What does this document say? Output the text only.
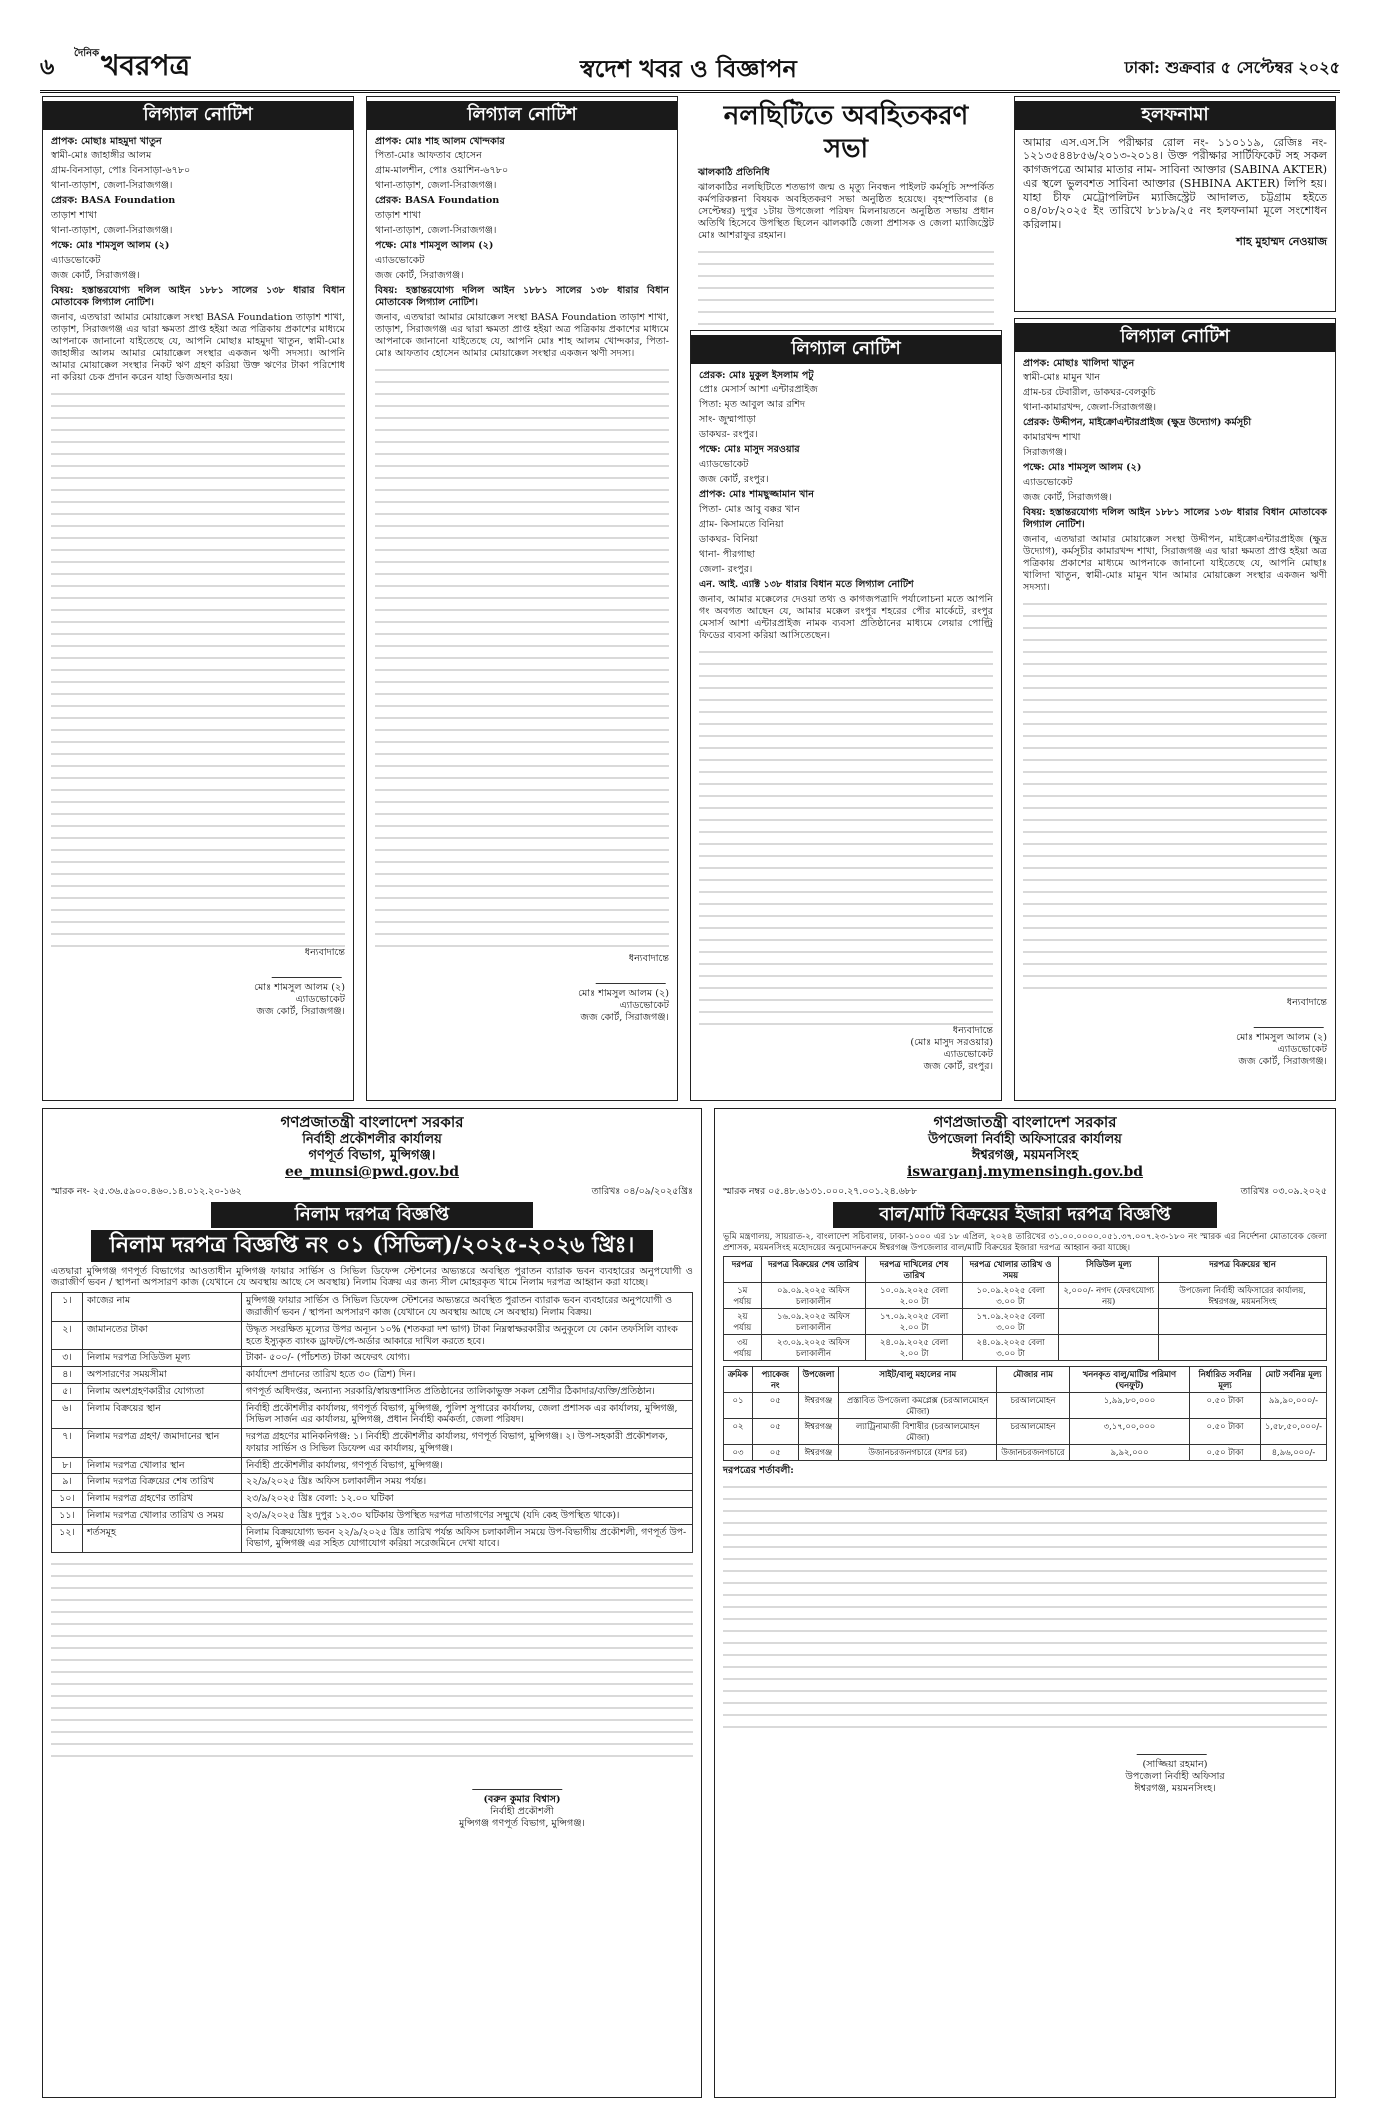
৬
$^{দৈনিক}$খবরপত্র	স্বদেশ খবর ও বিজ্ঞাপন	ঢাকা: শুক্রবার ৫ সেপ্টেম্বর ২০২৫
লিগ্যাল নোটিশ
প্রাপক: মোছাঃ মাহমুদা খাতুন
স্বামী-মোঃ জাহাঙ্গীর আলম
গ্রাম-বিনসাড়া, পোঃ বিনসাড়া-৬৭৮০
থানা-তাড়াশ, জেলা-সিরাজগঞ্জ।
প্রেরক: BASA Foundation
তাড়াশ শাখা
থানা-তাড়াশ, জেলা-সিরাজগঞ্জ।
পক্ষে: মোঃ শামসুল আলম (২)
এ্যাডভোকেট
জজ কোর্ট, সিরাজগঞ্জ।
বিষয়: হস্তান্তরযোগ্য দলিল আইন ১৮৮১ সালের ১৩৮ ধারার বিধান মোতাবেক লিগ্যাল নোটিশ।
জনাব, এতদ্বারা আমার মোয়াক্কেল সংস্থা BASA Foundation তাড়াশ শাখা, তাড়াশ, সিরাজগঞ্জ এর দ্বারা ক্ষমতা প্রাপ্ত হইয়া অত্র পত্রিকায় প্রকাশের মাধ্যমে আপনাকে জানানো যাইতেছে যে, আপনি মোছাঃ মাহমুদা খাতুন, স্বামী-মোঃ জাহাঙ্গীর আলম আমার মোয়াক্কেল সংস্থার একজন ঋণী সদস্যা। আপনি আমার মোয়াক্কেল সংস্থার নিকট ঋণ গ্রহণ করিয়া উক্ত ঋণের টাকা পরিশোধ না করিয়া চেক প্রদান করেন যাহা ডিজঅনার হয়।
ধন্যবাদান্তে
মোঃ শামসুল আলম (২)
এ্যাডভোকেট
জজ কোর্ট, সিরাজগঞ্জ।
লিগ্যাল নোটিশ
প্রাপক: মোঃ শাহ আলম খোন্দকার
পিতা-মোঃ আফতাব হোসেন
গ্রাম-মালশীন, পোঃ ওয়াশিন-৬৭৮০
থানা-তাড়াশ, জেলা-সিরাজগঞ্জ।
প্রেরক: BASA Foundation
তাড়াশ শাখা
থানা-তাড়াশ, জেলা-সিরাজগঞ্জ।
পক্ষে: মোঃ শামসুল আলম (২)
এ্যাডভোকেট
জজ কোর্ট, সিরাজগঞ্জ।
বিষয়: হস্তান্তরযোগ্য দলিল আইন ১৮৮১ সালের ১৩৮ ধারার বিধান মোতাবেক লিগ্যাল নোটিশ।
জনাব, এতদ্বারা আমার মোয়াক্কেল সংস্থা BASA Foundation তাড়াশ শাখা, তাড়াশ, সিরাজগঞ্জ এর দ্বারা ক্ষমতা প্রাপ্ত হইয়া অত্র পত্রিকায় প্রকাশের মাধ্যমে আপনাকে জানানো যাইতেছে যে, আপনি মোঃ শাহ আলম খোন্দকার, পিতা-মোঃ আফতাব হোসেন আমার মোয়াক্কেল সংস্থার একজন ঋণী সদস্য।
ধন্যবাদান্তে
মোঃ শামসুল আলম (২)
এ্যাডভোকেট
জজ কোর্ট, সিরাজগঞ্জ।
নলছিটিতে অবহিতকরণ সভা
ঝালকাঠি প্রতিনিধি
ঝালকাঠির নলছিটিতে শতভাগ জন্ম ও মৃত্যু নিবন্ধন পাইলট কর্মসূচি সম্পর্কিত কর্মপরিকল্পনা বিষয়ক অবহিতকরণ সভা অনুষ্ঠিত হয়েছে। বৃহস্পতিবার (৪ সেপ্টেম্বর) দুপুর ১টায় উপজেলা পরিষদ মিলনায়তনে অনুষ্ঠিত সভায় প্রধান অতিথি হিসেবে উপস্থিত ছিলেন ঝালকাঠি জেলা প্রশাসক ও জেলা ম্যাজিস্ট্রেট মোঃ আশরাফুর রহমান।
লিগ্যাল নোটিশ
প্রেরক: মোঃ মুকুল ইসলাম পটু
প্রোঃ মেসার্স আশা এন্টারপ্রাইজ
পিতা: মৃত আবুল আর রশিদ
সাং- জুম্মাপাড়া
ডাকঘর- রংপুর।
পক্ষে: মোঃ মাসুদ সরওয়ার
এ্যাডভোকেট
জজ কোর্ট, রংপুর।
প্রাপক: মোঃ শামছুজ্জামান খান
পিতা- মোঃ আবু বক্কর খান
গ্রাম- কিসামতে বিনিয়া
ডাকঘর- বিনিয়া
থানা- পীরগাছা
জেলা- রংপুর।
এন. আই. এ্যাক্ট ১৩৮ ধারার বিধান মতে লিগ্যাল নোটিশ
জনাব, আমার মক্কেলের দেওয়া তথ্য ও কাগজপত্রাদি পর্যালোচনা মতে আপনি গং অবগত আছেন যে, আমার মক্কেল রংপুর শহরের পৌর মার্কেটে, রংপুর মেসার্স আশা এন্টারপ্রাইজ নামক ব্যবসা প্রতিষ্ঠানের মাধ্যমে লেয়ার পোল্ট্রি ফিডের ব্যবসা করিয়া আসিতেছেন।
ধন্যবাদান্তে
(মোঃ মাসুদ সরওয়ার)
এ্যাডভোকেট
জজ কোর্ট, রংপুর।
হলফনামা
আমার এস.এস.সি পরীক্ষার রোল নং- ১১০১১৯, রেজিঃ নং- ১২১৩৫৪৪৮৫৬/২০১৩-২০১৪। উক্ত পরীক্ষার সার্টিফিকেট সহ সকল কাগজপত্রে আমার মাতার নাম- সাবিনা আক্তার (SABINA AKTER) এর স্থলে ভুলবশত সাবিনা আক্তার (SHBINA AKTER) লিপি হয়। যাহা চীফ মেট্রোপলিটন ম্যাজিস্ট্রেট আদালত, চট্টগ্রাম হইতে ০৪/০৮/২০২৫ ইং তারিখে ৮১৮৯/২৫ নং হলফনামা মূলে সংশোধন করিলাম।
শাহ মুহাম্মদ নেওয়াজ
লিগ্যাল নোটিশ
প্রাপক: মোছাঃ খালিদা খাতুন
স্বামী-মোঃ মামুন খান
গ্রাম-চর টেবারীল, ডাকঘর-বেলকুচি
থানা-কামারখন্দ, জেলা-সিরাজগঞ্জ।
প্রেরক: উদ্দীপন, মাইক্রোএন্টারপ্রাইজ (ক্ষুদ্র উদ্যোগ) কর্মসূচী
কামারখন্দ শাখা
সিরাজগঞ্জ।
পক্ষে: মোঃ শামসুল আলম (২)
এ্যাডভোকেট
জজ কোর্ট, সিরাজগঞ্জ।
বিষয়: হস্তান্তরযোগ্য দলিল আইন ১৮৮১ সালের ১৩৮ ধারার বিধান মোতাবেক লিগ্যাল নোটিশ।
জনাব, এতদ্বারা আমার মোয়াক্কেল সংস্থা উদ্দীপন, মাইক্রোএন্টারপ্রাইজ (ক্ষুদ্র উদ্যোগ), কর্মসূচীর কামারখন্দ শাখা, সিরাজগঞ্জ এর দ্বারা ক্ষমতা প্রাপ্ত হইয়া অত্র পত্রিকায় প্রকাশের মাধ্যমে আপনাকে জানানো যাইতেছে যে, আপনি মোছাঃ খালিদা খাতুন, স্বামী-মোঃ মামুন খান আমার মোয়াক্কেল সংস্থার একজন ঋণী সদস্যা।
ধন্যবাদান্তে
মোঃ শামসুল আলম (২)
এ্যাডভোকেট
জজ কোর্ট, সিরাজগঞ্জ।
গণপ্রজাতন্ত্রী বাংলাদেশ সরকার
নির্বাহী প্রকৌশলীর কার্যালয়
গণপূর্ত বিভাগ, মুন্সিগঞ্জ।
ee_munsi@pwd.gov.bd
স্মারক নং- ২৫.৩৬.৫৯০০.৪৬০.১৪.০১২.২০-১৬২	তারিখঃ ০৪/০৯/২০২৫খ্রিঃ
নিলাম দরপত্র বিজ্ঞপ্তি
নিলাম দরপত্র বিজ্ঞপ্তি নং ০১ (সিভিল)/২০২৫-২০২৬ খ্রিঃ।
এতদ্বারা মুন্সিগঞ্জ গণপূর্ত বিভাগের আওতাধীন মুন্সিগঞ্জ ফায়ার সার্ভিস ও সিভিল ডিফেন্স স্টেশনের অভ্যন্তরে অবস্থিত পুরাতন ব্যারাক ভবন ব্যবহারের অনুপযোগী ও জরাজীর্ণ ভবন / স্থাপনা অপসারণ কাজ (যেখানে যে অবস্থায় আছে সে অবস্থায়) নিলাম বিক্রয় এর জন্য সীল মোহরকৃত খামে নিলাম দরপত্র আহ্বান করা যাচ্ছে।
১।	কাজের নাম	মুন্সিগঞ্জ ফায়ার সার্ভিস ও সিভিল ডিফেন্স স্টেশনের অভ্যন্তরে অবস্থিত পুরাতন ব্যারাক ভবন ব্যবহারের অনুপযোগী ও জরাজীর্ণ ভবন / স্থাপনা অপসারণ কাজ (যেখানে যে অবস্থায় আছে সে অবস্থায়) নিলাম বিক্রয়।
২।	জামানতের টাকা	উদ্ধৃত সংরক্ষিত মূল্যের উপর অন্যূন ১০% (শতকরা দশ ভাগ) টাকা নিম্নস্বাক্ষরকারীর অনুকূলে যে কোন তফসিলি ব্যাংক হতে ইস্যুকৃত ব্যাংক ড্রাফট/পে-অর্ডার আকারে দাখিল করতে হবে।
৩।	নিলাম দরপত্র সিডিউল মূল্য	টাকা- ৫০০/- (পাঁচশত) টাকা অফেরৎ যোগ্য।
৪।	অপসারণের সময়সীমা	কার্যাদেশ প্রদানের তারিখ হতে ৩০ (ত্রিশ) দিন।
৫।	নিলাম অংশগ্রহণকারীর যোগ্যতা	গণপূর্ত অধিদপ্তর, অন্যান্য সরকারি/স্বায়ত্তশাসিত প্রতিষ্ঠানের তালিকাভুক্ত সকল শ্রেণীর ঠিকাদার/ব্যক্তি/প্রতিষ্ঠান।
৬।	নিলাম বিক্রয়ের স্থান	নির্বাহী প্রকৌশলীর কার্যালয়, গণপূর্ত বিভাগ, মুন্সিগঞ্জ, পুলিশ সুপারের কার্যালয়, জেলা প্রশাসক এর কার্যালয়, মুন্সিগঞ্জ, সিভিল সার্জন এর কার্যালয়, মুন্সিগঞ্জ, প্রধান নির্বাহী কর্মকর্তা, জেলা পরিষদ।
৭।	নিলাম দরপত্র গ্রহণ/ জমাদানের স্থান	দরপত্র গ্রহণের মানিকনিগঞ্জ: ১। নির্বাহী প্রকৌশলীর কার্যালয়, গণপূর্ত বিভাগ, মুন্সিগঞ্জ। ২। উপ-সহকারী প্রকৌশলক, ফায়ার সার্ভিস ও সিভিল ডিফেন্স এর কার্যালয়, মুন্সিগঞ্জ।
৮।	নিলাম দরপত্র খোলার স্থান	নির্বাহী প্রকৌশলীর কার্যালয়, গণপূর্ত বিভাগ, মুন্সিগঞ্জ।
৯।	নিলাম দরপত্র বিক্রয়ের শেষ তারিখ	২২/৯/২০২৫ খ্রিঃ অফিস চলাকালীন সময় পর্যন্ত।
১০।	নিলাম দরপত্র গ্রহণের তারিখ	২৩/৯/২০২৫ খ্রিঃ বেলা: ১২.০০ ঘটিকা
১১।	নিলাম দরপত্র খোলার তারিখ ও সময়	২৩/৯/২০২৫ খ্রিঃ দুপুর ১২.৩০ ঘটিকায় উপস্থিত দরপত্র দাতাগণের সম্মুখে (যদি কেহ উপস্থিত থাকে)।
১২।	শর্তসমূহ	নিলাম বিক্রয়যোগ্য ভবন ২২/৯/২০২৫ খ্রিঃ তারিখ পর্যন্ত অফিস চলাকালীন সময়ে উপ-বিভাগীয় প্রকৌশলী, গণপূর্ত উপ-বিভাগ, মুন্সিগঞ্জ এর সহিত যোগাযোগ করিয়া সরেজমিনে দেখা যাবে।
(বরুন কুমার বিশ্বাস)
নির্বাহী প্রকৌশলী
মুন্সিগঞ্জ গণপূর্ত বিভাগ, মুন্সিগঞ্জ।
গণপ্রজাতন্ত্রী বাংলাদেশ সরকার
উপজেলা নির্বাহী অফিসারের কার্যালয়
ঈশ্বরগঞ্জ, ময়মনসিংহ
iswarganj.mymensingh.gov.bd
স্মারক নম্বর ০৫.৪৮.৬১৩১.০০০.২৭.০০১.২৪.৬৮৮	তারিখঃ ০৩.০৯.২০২৫
বাল/মাটি বিক্রয়ের ইজারা দরপত্র বিজ্ঞপ্তি
ভূমি মন্ত্রণালয়, সায়রাত-২, বাংলাদেশ সচিবালয়, ঢাকা-১০০০ এর ১৮ এপ্রিল, ২০২৪ তারিখের ৩১.০০.০০০০.০৫১.৩৭.০০৭.২৩-১৮০ নং স্মারক এর নির্দেশনা মোতাবেক জেলা প্রশাসক, ময়মনসিংহ মহোদয়ের অনুমোদনক্রমে ঈশ্বরগঞ্জ উপজেলার বাল/মাটি বিক্রয়ের ইজারা দরপত্র আহ্বান করা যাচ্ছে।
দরপত্র	দরপত্র বিক্রয়ের শেষ তারিখ	দরপত্র দাখিলের শেষ তারিখ	দরপত্র খোলার তারিখ ও সময়	সিডিউল মূল্য	দরপত্র বিক্রয়ের স্থান
১ম পর্যায়	০৯.০৯.২০২৫ অফিস চলাকালীন	১০.০৯.২০২৫ বেলা ২.০০ টা	১০.০৯.২০২৫ বেলা ৩.০০ টা	২,০০০/- নগদ (ফেরৎযোগ্য নয়)	উপজেলা নির্বাহী অফিসারের কার্যালয়, ঈশ্বরগঞ্জ, ময়মনসিংহ
২য় পর্যায়	১৬.০৯.২০২৫ অফিস চলাকালীন	১৭.০৯.২০২৫ বেলা ২.০০ টা	১৭.০৯.২০২৫ বেলা ৩.০০ টা		
৩য় পর্যায়	২৩.০৯.২০২৫ অফিস চলাকালীন	২৪.০৯.২০২৫ বেলা ২.০০ টা	২৪.০৯.২০২৫ বেলা ৩.০০ টা		
ক্রমিক	প্যাকেজ নং	উপজেলা	সাইট/বালু মহালের নাম	মৌজার নাম	খননকৃত বালু/মাটির পরিমাণ (ঘনফুট)	নির্ধারিত সর্বনিম্ন মূল্য	মোট সর্বনিম্ন মূল্য
০১	০৫	ঈশ্বরগঞ্জ	প্রস্তাবিত উপজেলা কমপ্লেক্স (চরআলমোহন মৌজা)	চরআলমোহন	১,৯৯,৮০,০০০	০.৫০ টাকা	৯৯,৯০,০০০/-
০২	০৫	ঈশ্বরগঞ্জ	ল্যাট্রিনামাজী বিশাষীর (চরআলমোহন মৌজা)	চরআলমোহন	৩,১৭,০০,০০০	০.৫০ টাকা	১,৫৮,৫০,০০০/-
০৩	০৫	ঈশ্বরগঞ্জ	উজানচরজনগচারে (যশর চর)	উজানচরজনগচারে	৯,৯২,০০০	০.৫০ টাকা	৪,৯৬,০০০/-
দরপত্রের শর্তাবলী:
(সাজ্জিয়া রহমান)
উপজেলা নির্বাহী অফিসার
ঈশ্বরগঞ্জ, ময়মনসিংহ।
